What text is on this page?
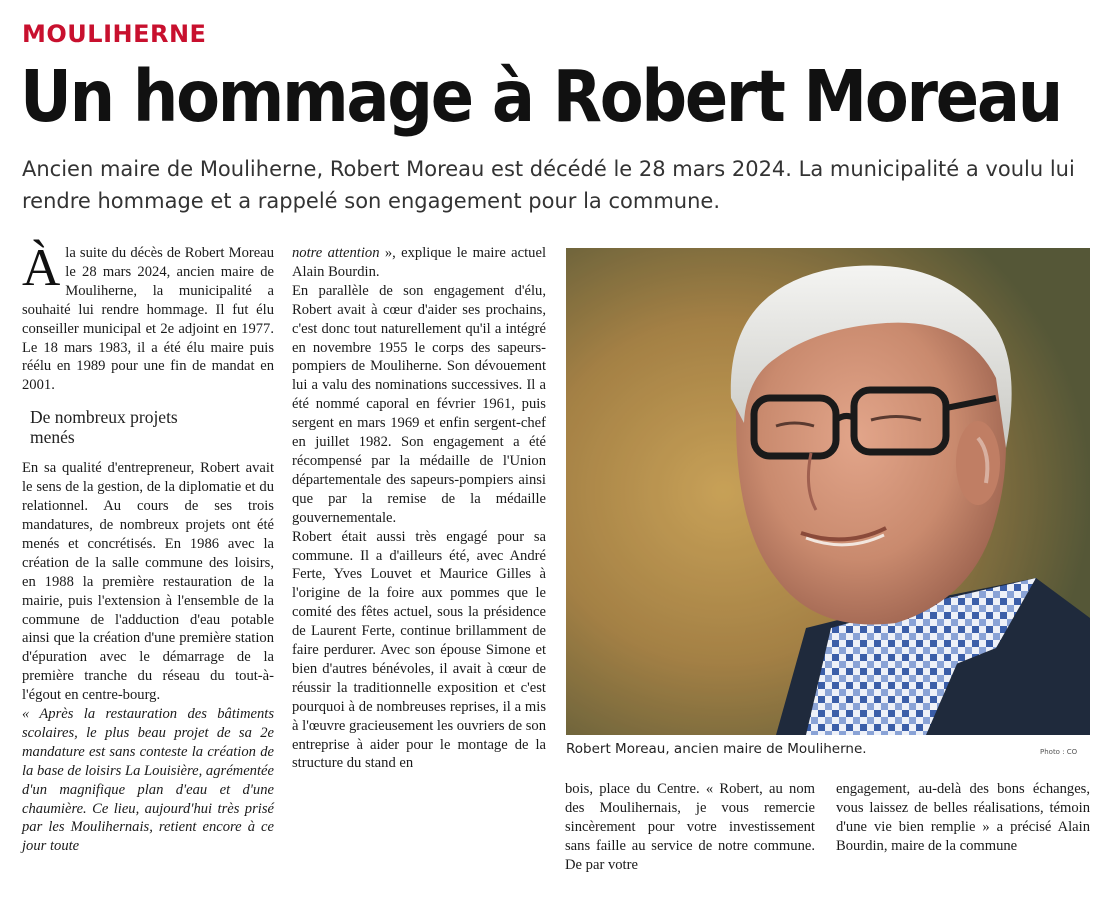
MOULIHERNE
Un hommage à Robert Moreau
Ancien maire de Mouliherne, Robert Moreau est décédé le 28 mars 2024. La municipalité a voulu lui rendre hommage et a rappelé son engagement pour la commune.

À la suite du décès de Robert Moreau le 28 mars 2024, ancien maire de Mouliherne, la municipalité a souhaité lui rendre hommage. Il fut élu conseiller municipal et 2e adjoint en 1977. Le 18 mars 1983, il a été élu maire puis réélu en 1989 pour une fin de mandat en 2001.

De nombreux projets menés

En sa qualité d'entrepreneur, Robert avait le sens de la gestion, de la diplomatie et du relationnel. Au cours de ses trois mandatures, de nombreux projets ont été menés et concrétisés. En 1986 avec la création de la salle commune des loisirs, en 1988 la première restauration de la mairie, puis l'extension à l'ensemble de la commune de l'adduction d'eau potable ainsi que la création d'une première station d'épuration avec le démarrage de la première tranche du réseau du tout-à-l'égout en centre-bourg.

« Après la restauration des bâtiments scolaires, le plus beau projet de sa 2e mandature est sans conteste la création de la base de loisirs La Louisière, agrémentée d'un magnifique plan d'eau et d'une chaumière. Ce lieu, aujourd'hui très prisé par les Moulihernais, retient encore à ce jour toute

notre attention », explique le maire actuel Alain Bourdin.

En parallèle de son engagement d'élu, Robert avait à cœur d'aider ses prochains, c'est donc tout naturellement qu'il a intégré en novembre 1955 le corps des sapeurs-pompiers de Mouliherne. Son dévouement lui a valu des nominations successives. Il a été nommé caporal en février 1961, puis sergent en mars 1969 et enfin sergent-chef en juillet 1982. Son engagement a été récompensé par la médaille de l'Union départementale des sapeurs-pompiers ainsi que par la remise de la médaille gouvernementale.

Robert était aussi très engagé pour sa commune. Il a d'ailleurs été, avec André Ferte, Yves Louvet et Maurice Gilles à l'origine de la foire aux pommes que le comité des fêtes actuel, sous la présidence de Laurent Ferte, continue brillamment de faire perdurer. Avec son épouse Simone et bien d'autres bénévoles, il avait à cœur de réussir la traditionnelle exposition et c'est pourquoi à de nombreuses reprises, il a mis à l'œuvre gracieusement les ouvriers de son entreprise à aider pour le montage de la structure du stand en

Robert Moreau, ancien maire de Mouliherne.	Photo : CO

bois, place du Centre. « Robert, au nom des Moulihernais, je vous remercie sincèrement pour votre investissement sans faille au service de notre commune. De par votre

engagement, au-delà des bons échanges, vous laissez de belles réalisations, témoin d'une vie bien remplie » a précisé Alain Bourdin, maire de la commune
